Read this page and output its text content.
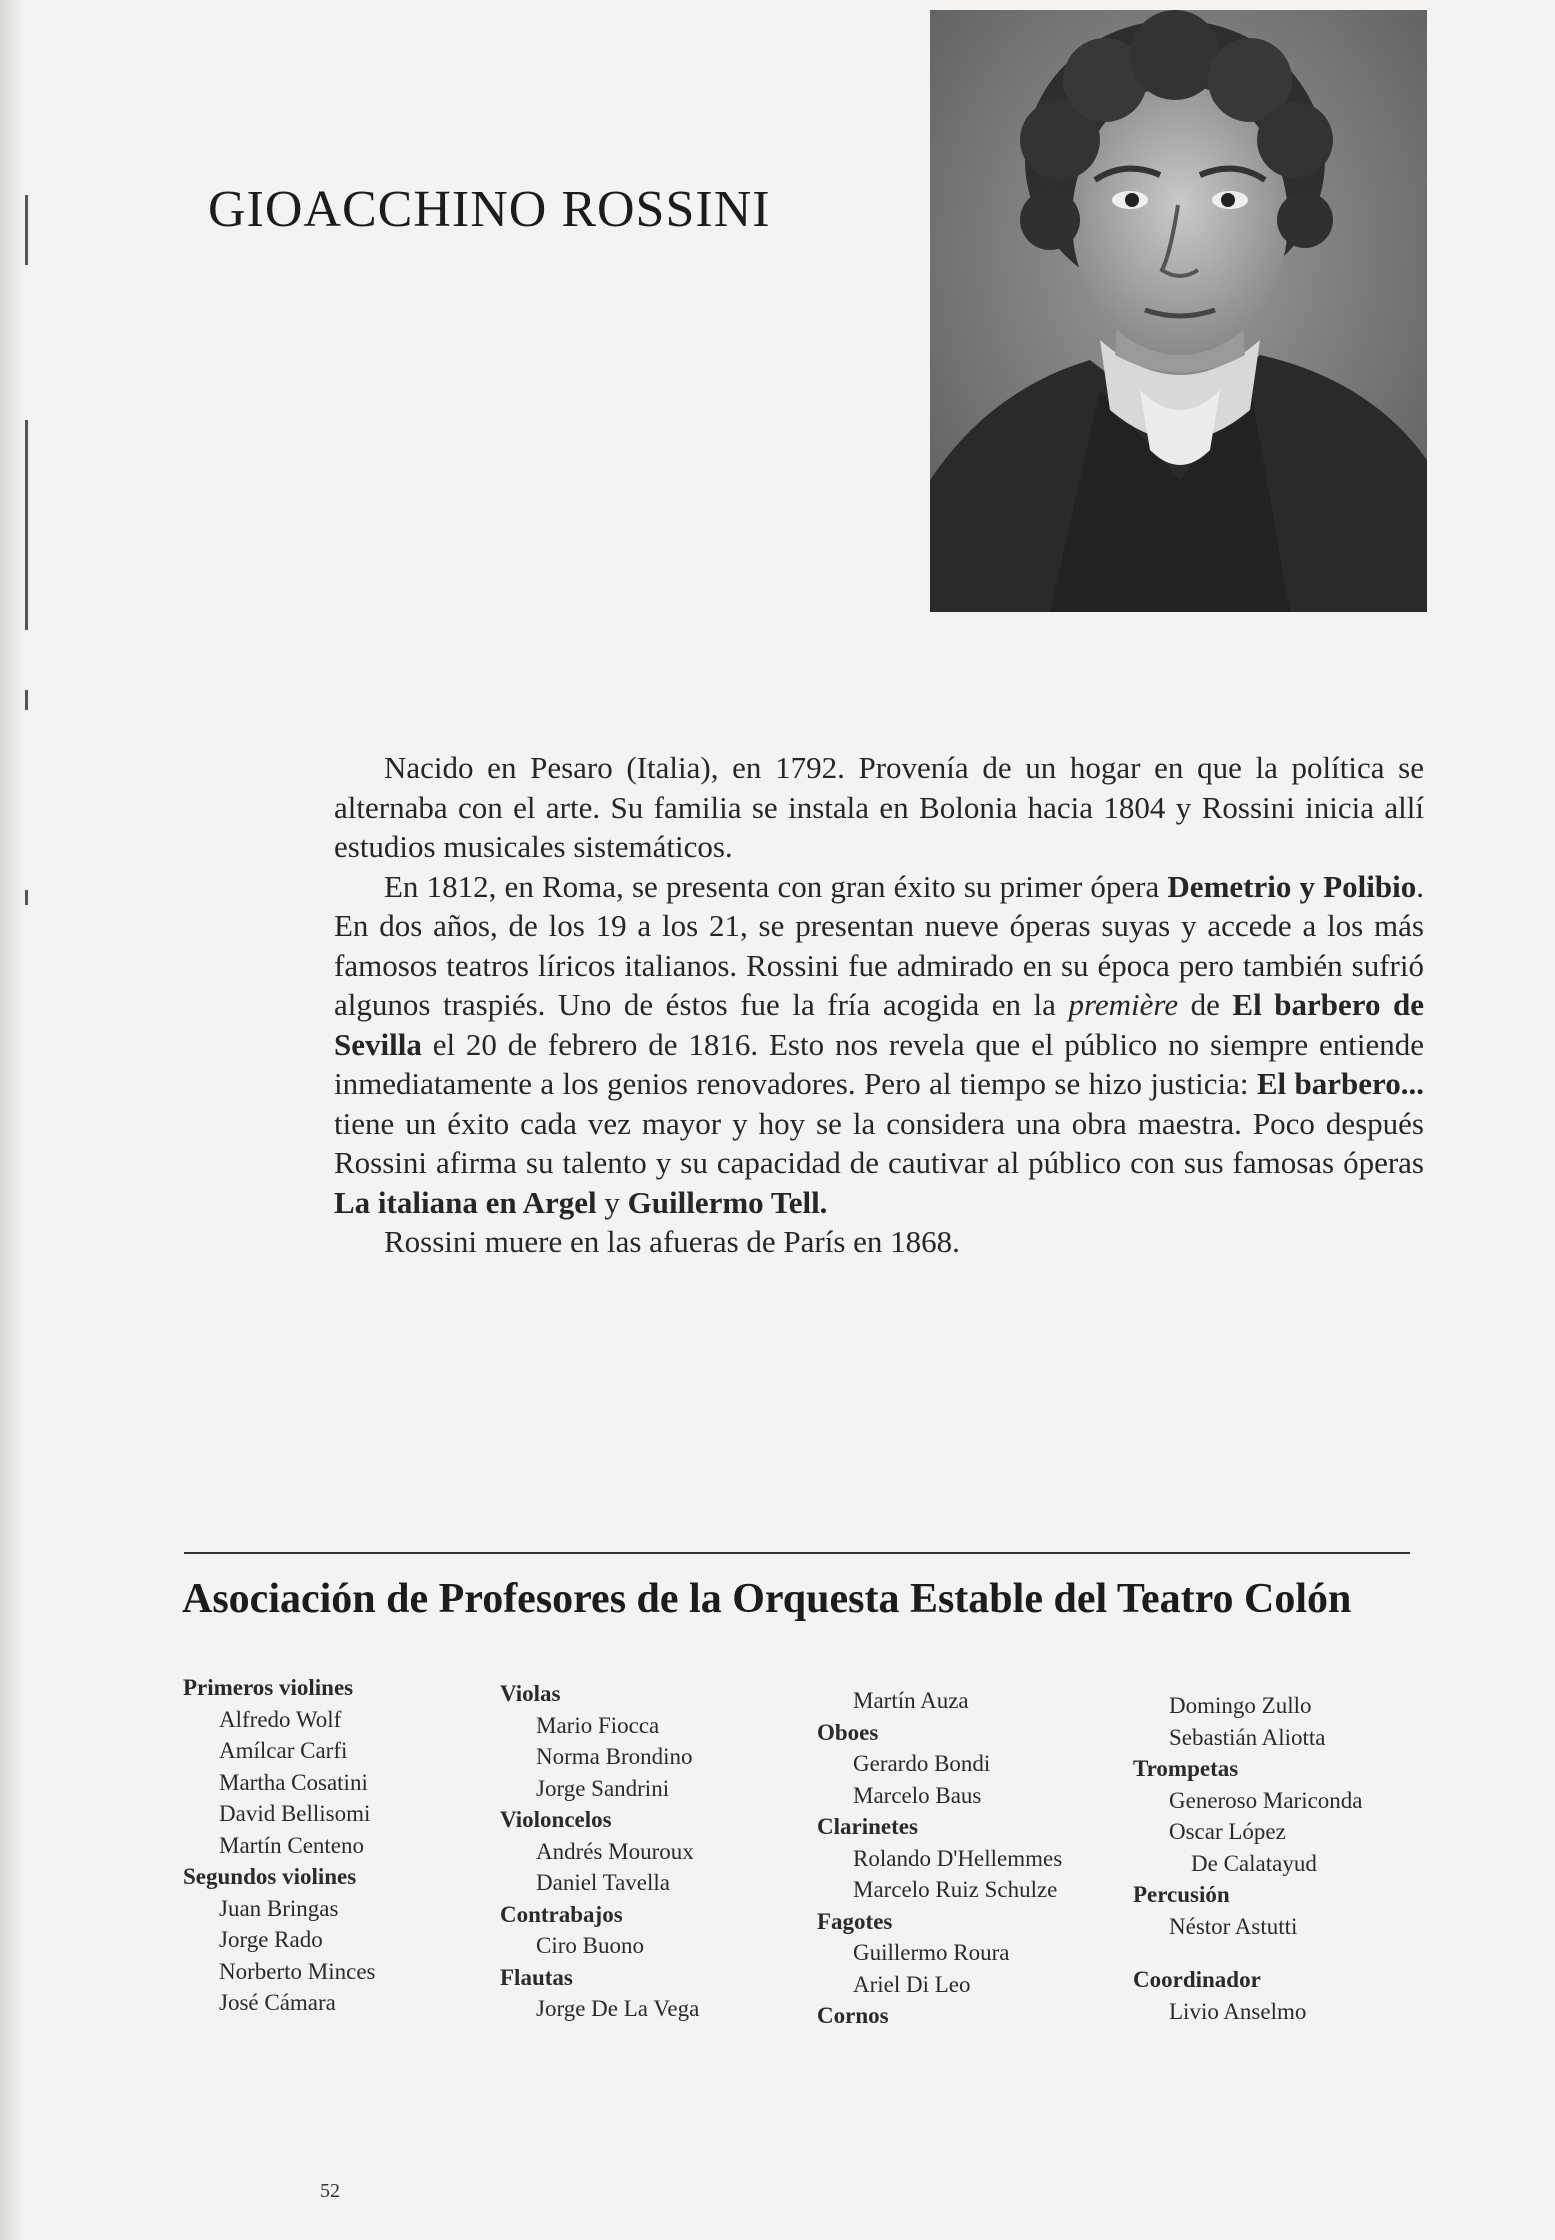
GIOACCHINO ROSSINI

Nacido en Pesaro (Italia), en 1792. Provenía de un hogar en que la política se alternaba con el arte. Su familia se instala en Bolonia hacia 1804 y Rossini inicia allí estudios musicales sistemáticos.

En 1812, en Roma, se presenta con gran éxito su primer ópera Demetrio y Polibio. En dos años, de los 19 a los 21, se presentan nueve óperas suyas y accede a los más famosos teatros líricos italianos. Rossini fue admirado en su época pero también sufrió algunos traspiés. Uno de éstos fue la fría acogida en la première de El barbero de Sevilla el 20 de febrero de 1816. Esto nos revela que el público no siempre entiende inmediatamente a los genios renovadores. Pero al tiempo se hizo justicia: El barbero... tiene un éxito cada vez mayor y hoy se la considera una obra maestra. Poco después Rossini afirma su talento y su capacidad de cautivar al público con sus famosas óperas La italiana en Argel y Guillermo Tell.

Rossini muere en las afueras de París en 1868.

Asociación de Profesores de la Orquesta Estable del Teatro Colón
Primeros violines
Alfredo Wolf
Amílcar Carfi
Martha Cosatini
David Bellisomi
Martín Centeno
Segundos violines
Juan Bringas
Jorge Rado
Norberto Minces
José Cámara
Violas
Mario Fiocca
Norma Brondino
Jorge Sandrini
Violoncelos
Andrés Mouroux
Daniel Tavella
Contrabajos
Ciro Buono
Flautas
Jorge De La Vega
Martín Auza
Oboes
Gerardo Bondi
Marcelo Baus
Clarinetes
Rolando D'Hellemmes
Marcelo Ruiz Schulze
Fagotes
Guillermo Roura
Ariel Di Leo
Cornos
Domingo Zullo
Sebastián Aliotta
Trompetas
Generoso Mariconda
Oscar López
De Calatayud
Percusión
Néstor Astutti
Coordinador
Livio Anselmo
52
